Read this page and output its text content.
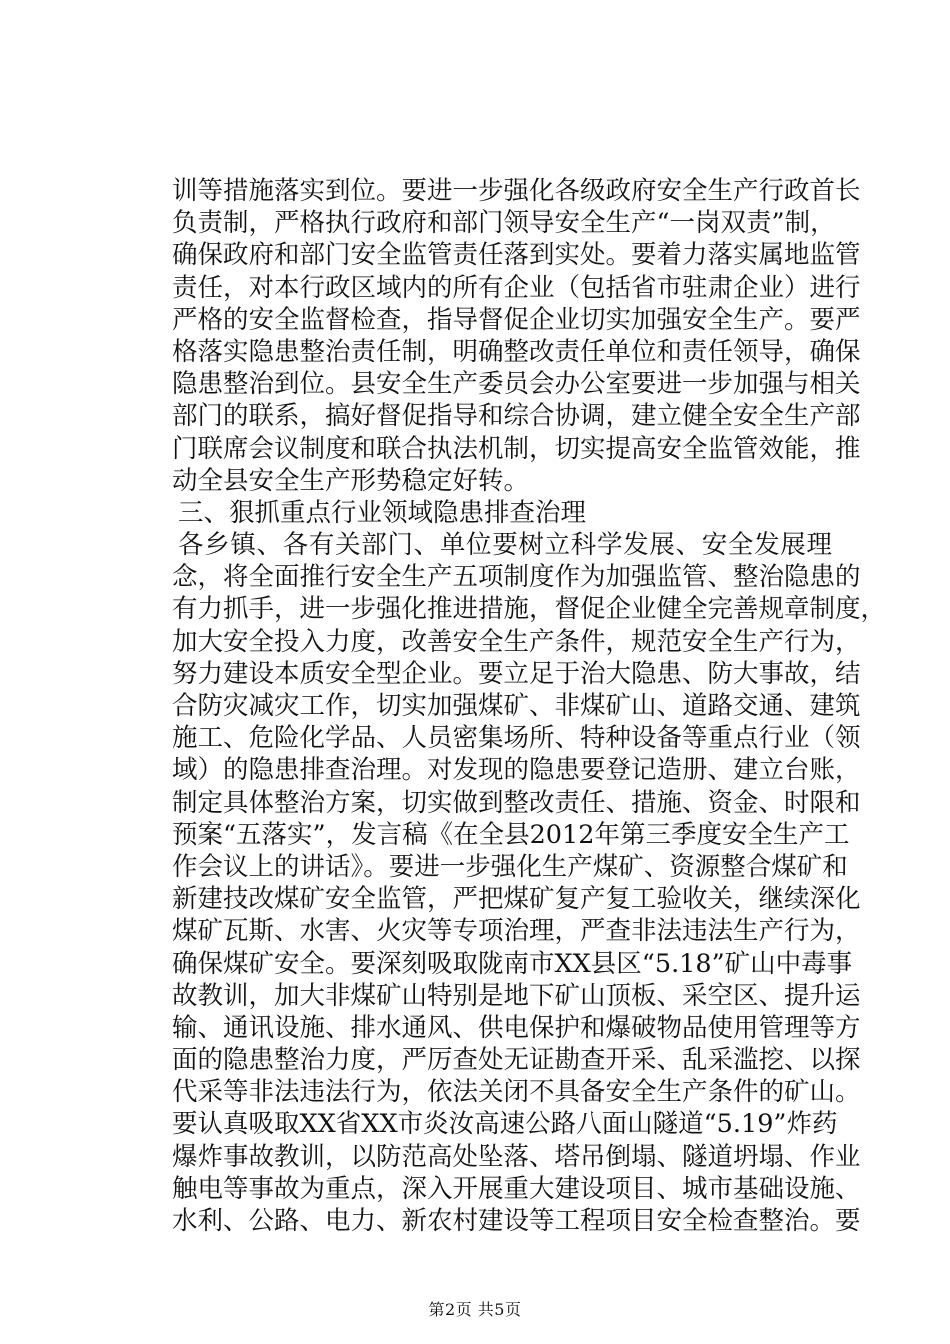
训等措施落实到位。要进一步强化各级政府安全生产行政首长
负责制，严格执行政府和部门领导安全生产“一岗双责”制，
确保政府和部门安全监管责任落到实处。要着力落实属地监管
责任，对本行政区域内的所有企业（包括省市驻肃企业）进行
严格的安全监督检查，指导督促企业切实加强安全生产。要严
格落实隐患整治责任制，明确整改责任单位和责任领导，确保
隐患整治到位。县安全生产委员会办公室要进一步加强与相关
部门的联系，搞好督促指导和综合协调，建立健全安全生产部
门联席会议制度和联合执法机制，切实提高安全监管效能，推
动全县安全生产形势稳定好转。
三、狠抓重点行业领域隐患排查治理
各乡镇、各有关部门、单位要树立科学发展、安全发展理
念，将全面推行安全生产五项制度作为加强监管、整治隐患的
有力抓手，进一步强化推进措施，督促企业健全完善规章制度，
加大安全投入力度，改善安全生产条件，规范安全生产行为，
努力建设本质安全型企业。要立足于治大隐患、防大事故，结
合防灾减灾工作，切实加强煤矿、非煤矿山、道路交通、建筑
施工、危险化学品、人员密集场所、特种设备等重点行业（领
域）的隐患排查治理。对发现的隐患要登记造册、建立台账，
制定具体整治方案，切实做到整改责任、措施、资金、时限和
预案“五落实”，发言稿《在全县2012年第三季度安全生产工
作会议上的讲话》。要进一步强化生产煤矿、资源整合煤矿和
新建技改煤矿安全监管，严把煤矿复产复工验收关，继续深化
煤矿瓦斯、水害、火灾等专项治理，严查非法违法生产行为，
确保煤矿安全。要深刻吸取陇南市XX县区“5.18”矿山中毒事
故教训，加大非煤矿山特别是地下矿山顶板、采空区、提升运
输、通讯设施、排水通风、供电保护和爆破物品使用管理等方
面的隐患整治力度，严厉查处无证勘查开采、乱采滥挖、以探
代采等非法违法行为，依法关闭不具备安全生产条件的矿山。
要认真吸取XX省XX市炎汝高速公路八面山隧道“5.19”炸药
爆炸事故教训，以防范高处坠落、塔吊倒塌、隧道坍塌、作业
触电等事故为重点，深入开展重大建设项目、城市基础设施、
水利、公路、电力、新农村建设等工程项目安全检查整治。要
第2页 共5页
